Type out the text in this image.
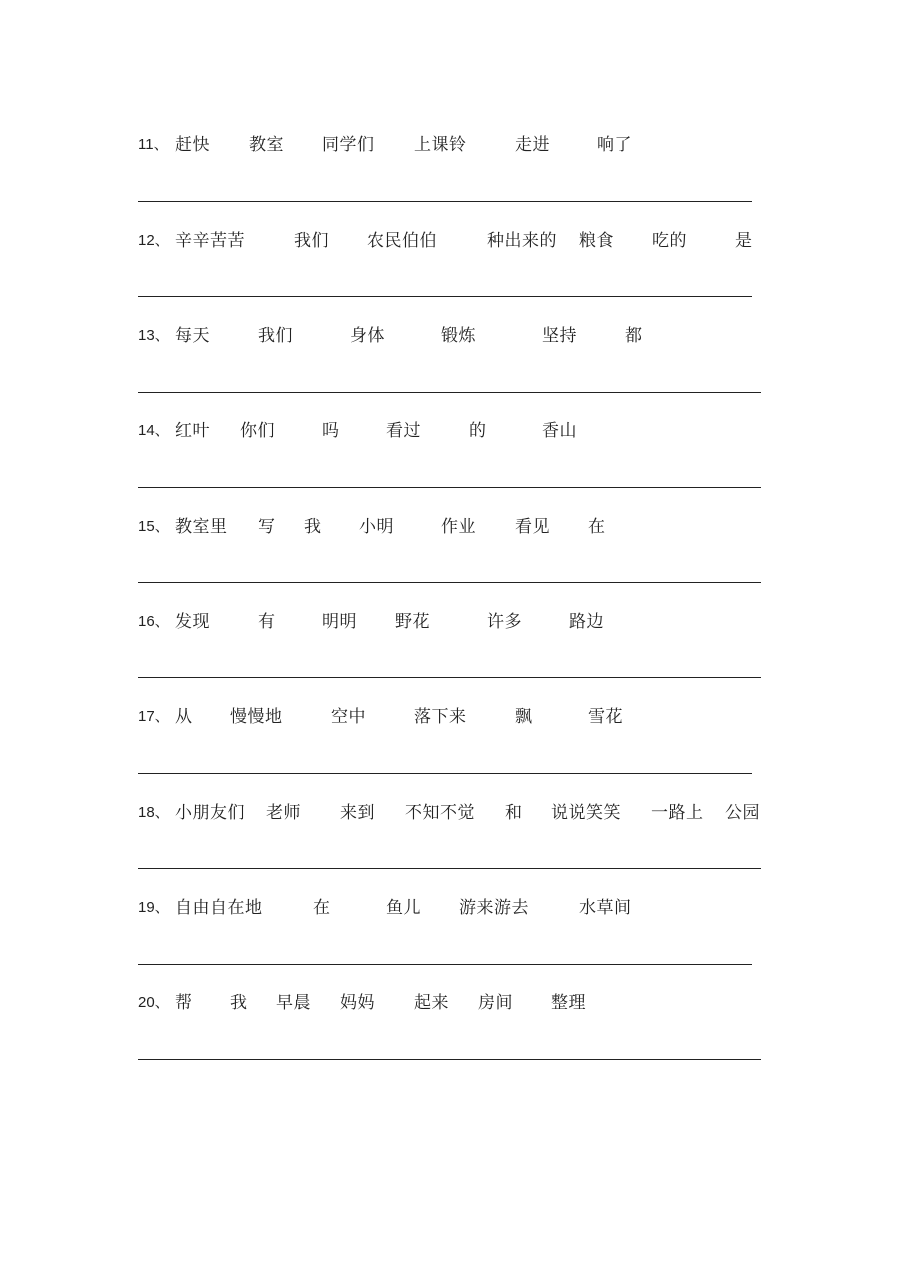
11、 赶快 教室 同学们 上课铃	走进	响了
12、 辛辛苦苦	我们 农民伯伯	种出来的 粮食 吃的	是
13、 每天	我们	身体	锻炼	坚持	都
14、 红叶 你们	吗	看过	的	香山
15、 教室里 写 我 小明	作业 看见 在
16、 发现	有	明明 野花	许多	路边
17、 从 慢慢地	空中	落下来	飘	雪花
18、 小朋友们 老师 来到 不知不觉 和 说说笑笑 一路上 公园
19、 自由自在地	在	鱼儿 游来游去	水草间
20、 帮 我 早晨 妈妈 起来 房间 整理
